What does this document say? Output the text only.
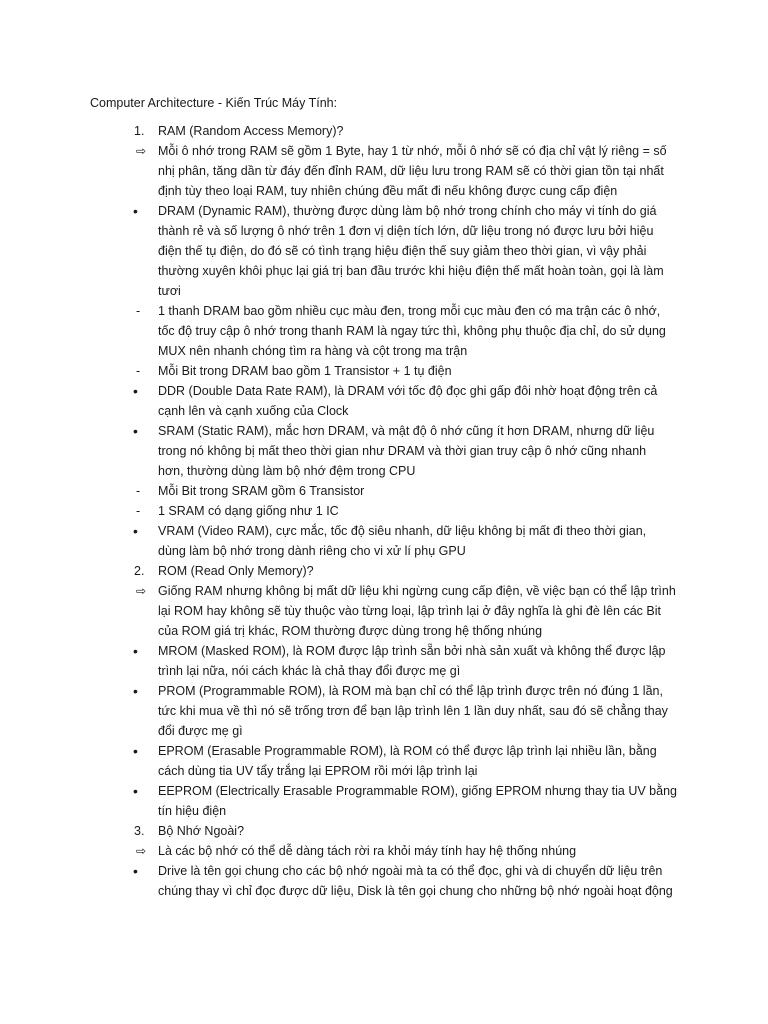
Computer Architecture - Kiến Trúc Máy Tính:
1.	RAM (Random Access Memory)?
⇨ Mỗi ô nhớ trong RAM sẽ gồm 1 Byte, hay 1 từ nhớ, mỗi ô nhớ sẽ có địa chỉ vật lý riêng = số
nhị phân, tăng dần từ đáy đến đỉnh RAM, dữ liệu lưu trong RAM sẽ có thời gian tồn tại nhất
định tùy theo loại RAM, tuy nhiên chúng đều mất đi nếu không được cung cấp điện
•	DRAM (Dynamic RAM), thường được dùng làm bộ nhớ trong chính cho máy vi tính do giá
thành rẻ và số lượng ô nhớ trên 1 đơn vị diện tích lớn, dữ liệu trong nó được lưu bởi hiệu
điện thế tụ điện, do đó sẽ có tình trạng hiệu điện thế suy giảm theo thời gian, vì vậy phải
thường xuyên khôi phục lại giá trị ban đầu trước khi hiệu điện thế mất hoàn toàn, gọi là làm
tươi
-	1 thanh DRAM bao gồm nhiều cục màu đen, trong mỗi cục màu đen có ma trận các ô nhớ,
tốc độ truy cập ô nhớ trong thanh RAM là ngay tức thì, không phụ thuộc địa chỉ, do sử dụng
MUX nên nhanh chóng tìm ra hàng và cột trong ma trận
-	Mỗi Bit trong DRAM bao gồm 1 Transistor + 1 tụ điện
•	DDR (Double Data Rate RAM), là DRAM với tốc độ đọc ghi gấp đôi nhờ hoạt động trên cả
cạnh lên và cạnh xuống của Clock
•	SRAM (Static RAM), mắc hơn DRAM, và mật độ ô nhớ cũng ít hơn DRAM, nhưng dữ liệu
trong nó không bị mất theo thời gian như DRAM và thời gian truy cập ô nhớ cũng nhanh
hơn, thường dùng làm bộ nhớ đệm trong CPU
-	Mỗi Bit trong SRAM gồm 6 Transistor
-	1 SRAM có dạng giống như 1 IC
•	VRAM (Video RAM), cực mắc, tốc độ siêu nhanh, dữ liệu không bị mất đi theo thời gian,
dùng làm bộ nhớ trong dành riêng cho vi xử lí phụ GPU
2.	ROM (Read Only Memory)?
⇨ Giống RAM nhưng không bị mất dữ liệu khi ngừng cung cấp điện, về việc bạn có thể lập trình
lại ROM hay không sẽ tùy thuộc vào từng loại, lập trình lại ở đây nghĩa là ghi đè lên các Bit
của ROM giá trị khác, ROM thường được dùng trong hệ thống nhúng
•	MROM (Masked ROM), là ROM được lập trình sẵn bởi nhà sản xuất và không thể được lập
trình lại nữa, nói cách khác là chả thay đổi được mẹ gì
•	PROM (Programmable ROM), là ROM mà bạn chỉ có thể lập trình được trên nó đúng 1 lần,
tức khi mua về thì nó sẽ trống trơn để bạn lập trình lên 1 lần duy nhất, sau đó sẽ chẳng thay
đổi được mẹ gì
•	EPROM (Erasable Programmable ROM), là ROM có thể được lập trình lại nhiều lần, bằng
cách dùng tia UV tẩy trắng lại EPROM rồi mới lập trình lại
•	EEPROM (Electrically Erasable Programmable ROM), giống EPROM nhưng thay tia UV bằng
tín hiệu điện
3.	Bộ Nhớ Ngoài?
⇨ Là các bộ nhớ có thể dễ dàng tách rời ra khỏi máy tính hay hệ thống nhúng
•	Drive là tên gọi chung cho các bộ nhớ ngoài mà ta có thể đọc, ghi và di chuyển dữ liệu trên
chúng thay vì chỉ đọc được dữ liệu, Disk là tên gọi chung cho những bộ nhớ ngoài hoạt động
